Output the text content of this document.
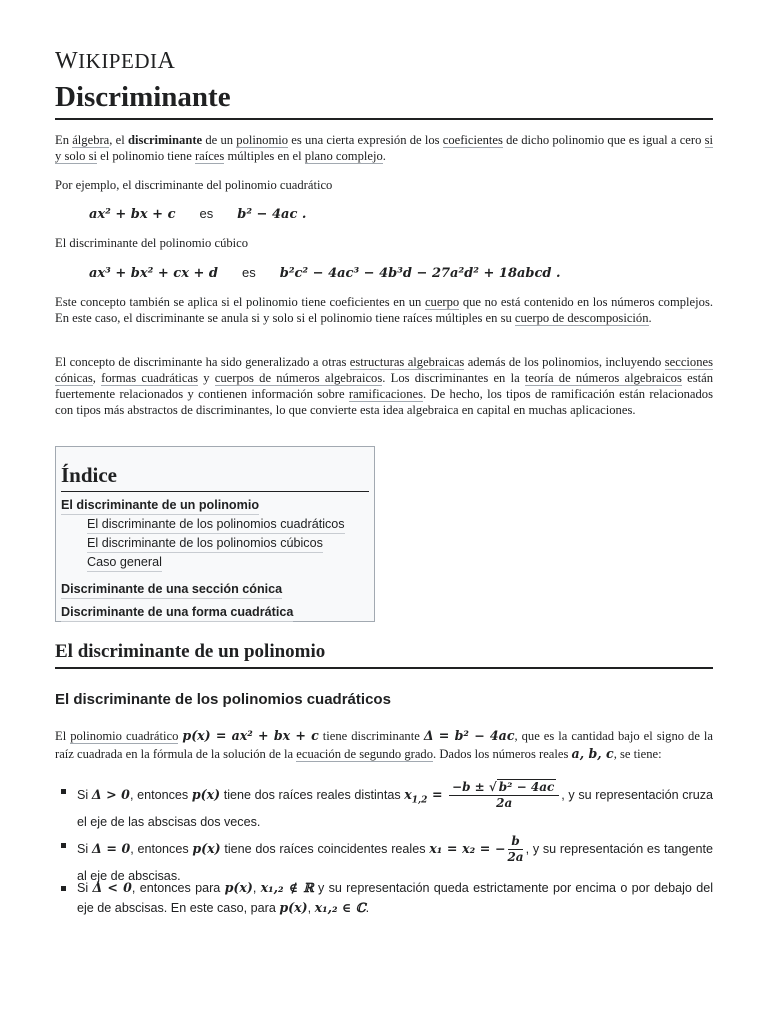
WIKIPEDIA
Discriminante

En álgebra, el discriminante de un polinomio es una cierta expresión de los coeficientes de dicho polinomio que es igual a cero si y solo si el polinomio tiene raíces múltiples en el plano complejo.

Por ejemplo, el discriminante del polinomio cuadrático

ax² + bx + c es b² − 4ac .

El discriminante del polinomio cúbico

ax³ + bx² + cx + d es b²c² − 4ac³ − 4b³d − 27a²d² + 18abcd .

Este concepto también se aplica si el polinomio tiene coeficientes en un cuerpo que no está contenido en los números complejos. En este caso, el discriminante se anula si y solo si el polinomio tiene raíces múltiples en su cuerpo de descomposición.

El concepto de discriminante ha sido generalizado a otras estructuras algebraicas además de los polinomios, incluyendo secciones cónicas, formas cuadráticas y cuerpos de números algebraicos. Los discriminantes en la teoría de números algebraicos están fuertemente relacionados y contienen información sobre ramificaciones. De hecho, los tipos de ramificación están relacionados con tipos más abstractos de discriminantes, lo que convierte esta idea algebraica en capital en muchas aplicaciones.

Índice
El discriminante de un polinomio
El discriminante de los polinomios cuadráticos
El discriminante de los polinomios cúbicos
Caso general
Discriminante de una sección cónica
Discriminante de una forma cuadrática
El discriminante de un polinomio
El discriminante de los polinomios cuadráticos

El polinomio cuadrático p(x) = ax² + bx + c tiene discriminante Δ = b² − 4ac, que es la cantidad bajo el signo de la raíz cuadrada en la fórmula de la solución de la ecuación de segundo grado. Dados los números reales a, b, c, se tiene:

Si Δ > 0, entonces p(x) tiene dos raíces reales distintas $x_{1,2} = \frac{\text{−b ± √ b² − 4ac}}{2a}$ , y su representación cruza el eje de las abscisas dos veces.
Si Δ = 0, entonces p(x) tiene dos raíces coincidentes reales x₁ = x₂ = − $\frac{b}{2a}$ , y su representación es tangente al eje de abscisas.
Si Δ < 0, entonces para p(x), x₁,₂ ∉ ℝ y su representación queda estrictamente por encima o por debajo del eje de abscisas. En este caso, para p(x), x₁,₂ ∈ ℂ.
